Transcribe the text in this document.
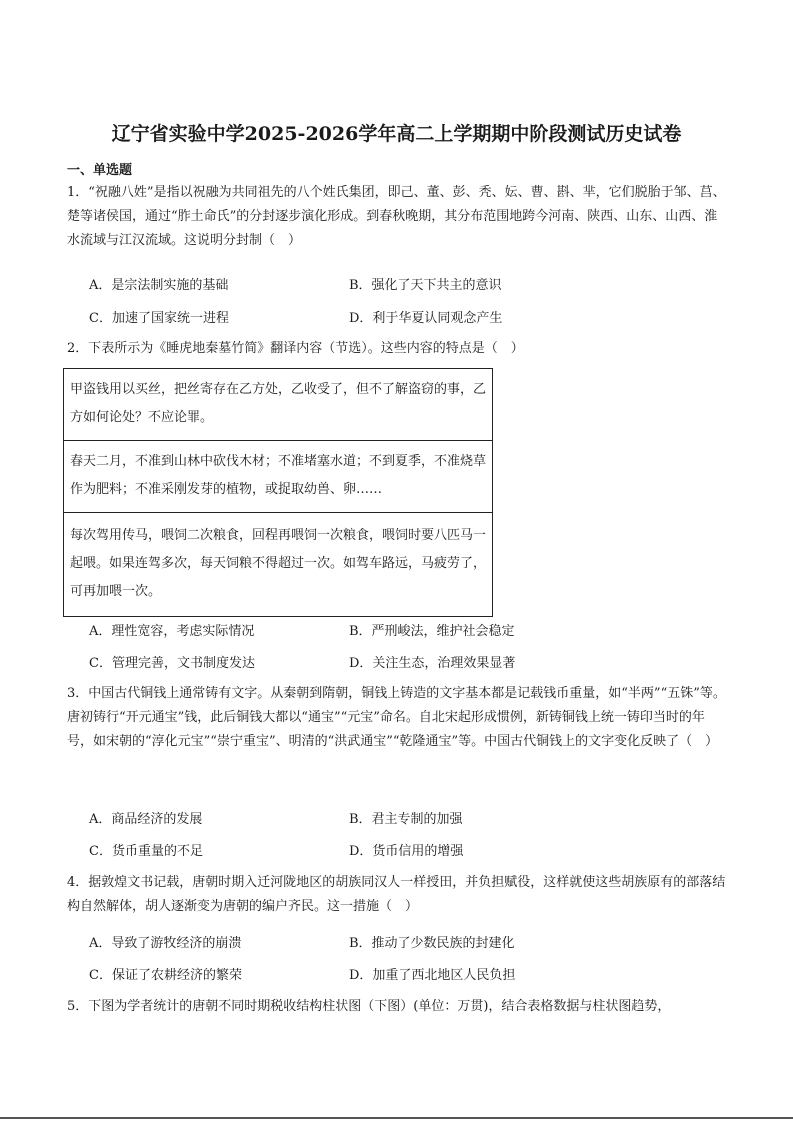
辽宁省实验中学2025-2026学年高二上学期期中阶段测试历史试卷
一、单选题
1．“祝融八姓”是指以祝融为共同祖先的八个姓氏集团，即己、董、彭、秃、妘、曹、斟、芈，它们脱胎于邹、莒、楚等诸侯国，通过“胙土命氏”的分封逐步演化形成。到春秋晚期，其分布范围地跨今河南、陕西、山东、山西、淮水流域与江汉流域。这说明分封制（　）
A．是宗法制实施的基础	B．强化了天下共主的意识
C．加速了国家统一进程	D．利于华夏认同观念产生
2．下表所示为《睡虎地秦墓竹简》翻译内容（节选）。这些内容的特点是（　）
甲盗钱用以买丝，把丝寄存在乙方处，乙收受了，但不了解盗窃的事，乙方如何论处？不应论罪。
春天二月，不准到山林中砍伐木材；不准堵塞水道；不到夏季，不准烧草作为肥料；不准采刚发芽的植物，或捉取幼兽、卵……
每次驾用传马，喂饲二次粮食，回程再喂饲一次粮食，喂饲时要八匹马一起喂。如果连驾多次，每天饲粮不得超过一次。如驾车路远，马疲劳了，可再加喂一次。
A．理性宽容，考虑实际情况	B．严刑峻法，维护社会稳定
C．管理完善，文书制度发达	D．关注生态，治理效果显著
3．中国古代铜钱上通常铸有文字。从秦朝到隋朝，铜钱上铸造的文字基本都是记载钱币重量，如“半两”“五铢”等。唐初铸行“开元通宝”钱，此后铜钱大都以“通宝”“元宝”命名。自北宋起形成惯例，新铸铜钱上统一铸印当时的年号，如宋朝的“淳化元宝”“崇宁重宝”、明清的“洪武通宝”“乾隆通宝”等。中国古代铜钱上的文字变化反映了（　）
A．商品经济的发展	B．君主专制的加强
C．货币重量的不足	D．货币信用的增强
4．据敦煌文书记载，唐朝时期入迁河陇地区的胡族同汉人一样授田，并负担赋役，这样就使这些胡族原有的部落结构自然解体，胡人逐渐变为唐朝的编户齐民。这一措施（　）
A．导致了游牧经济的崩溃	B．推动了少数民族的封建化
C．保证了农耕经济的繁荣	D．加重了西北地区人民负担
5．下图为学者统计的唐朝不同时期税收结构柱状图（下图）(单位：万贯)，结合表格数据与柱状图趋势，
